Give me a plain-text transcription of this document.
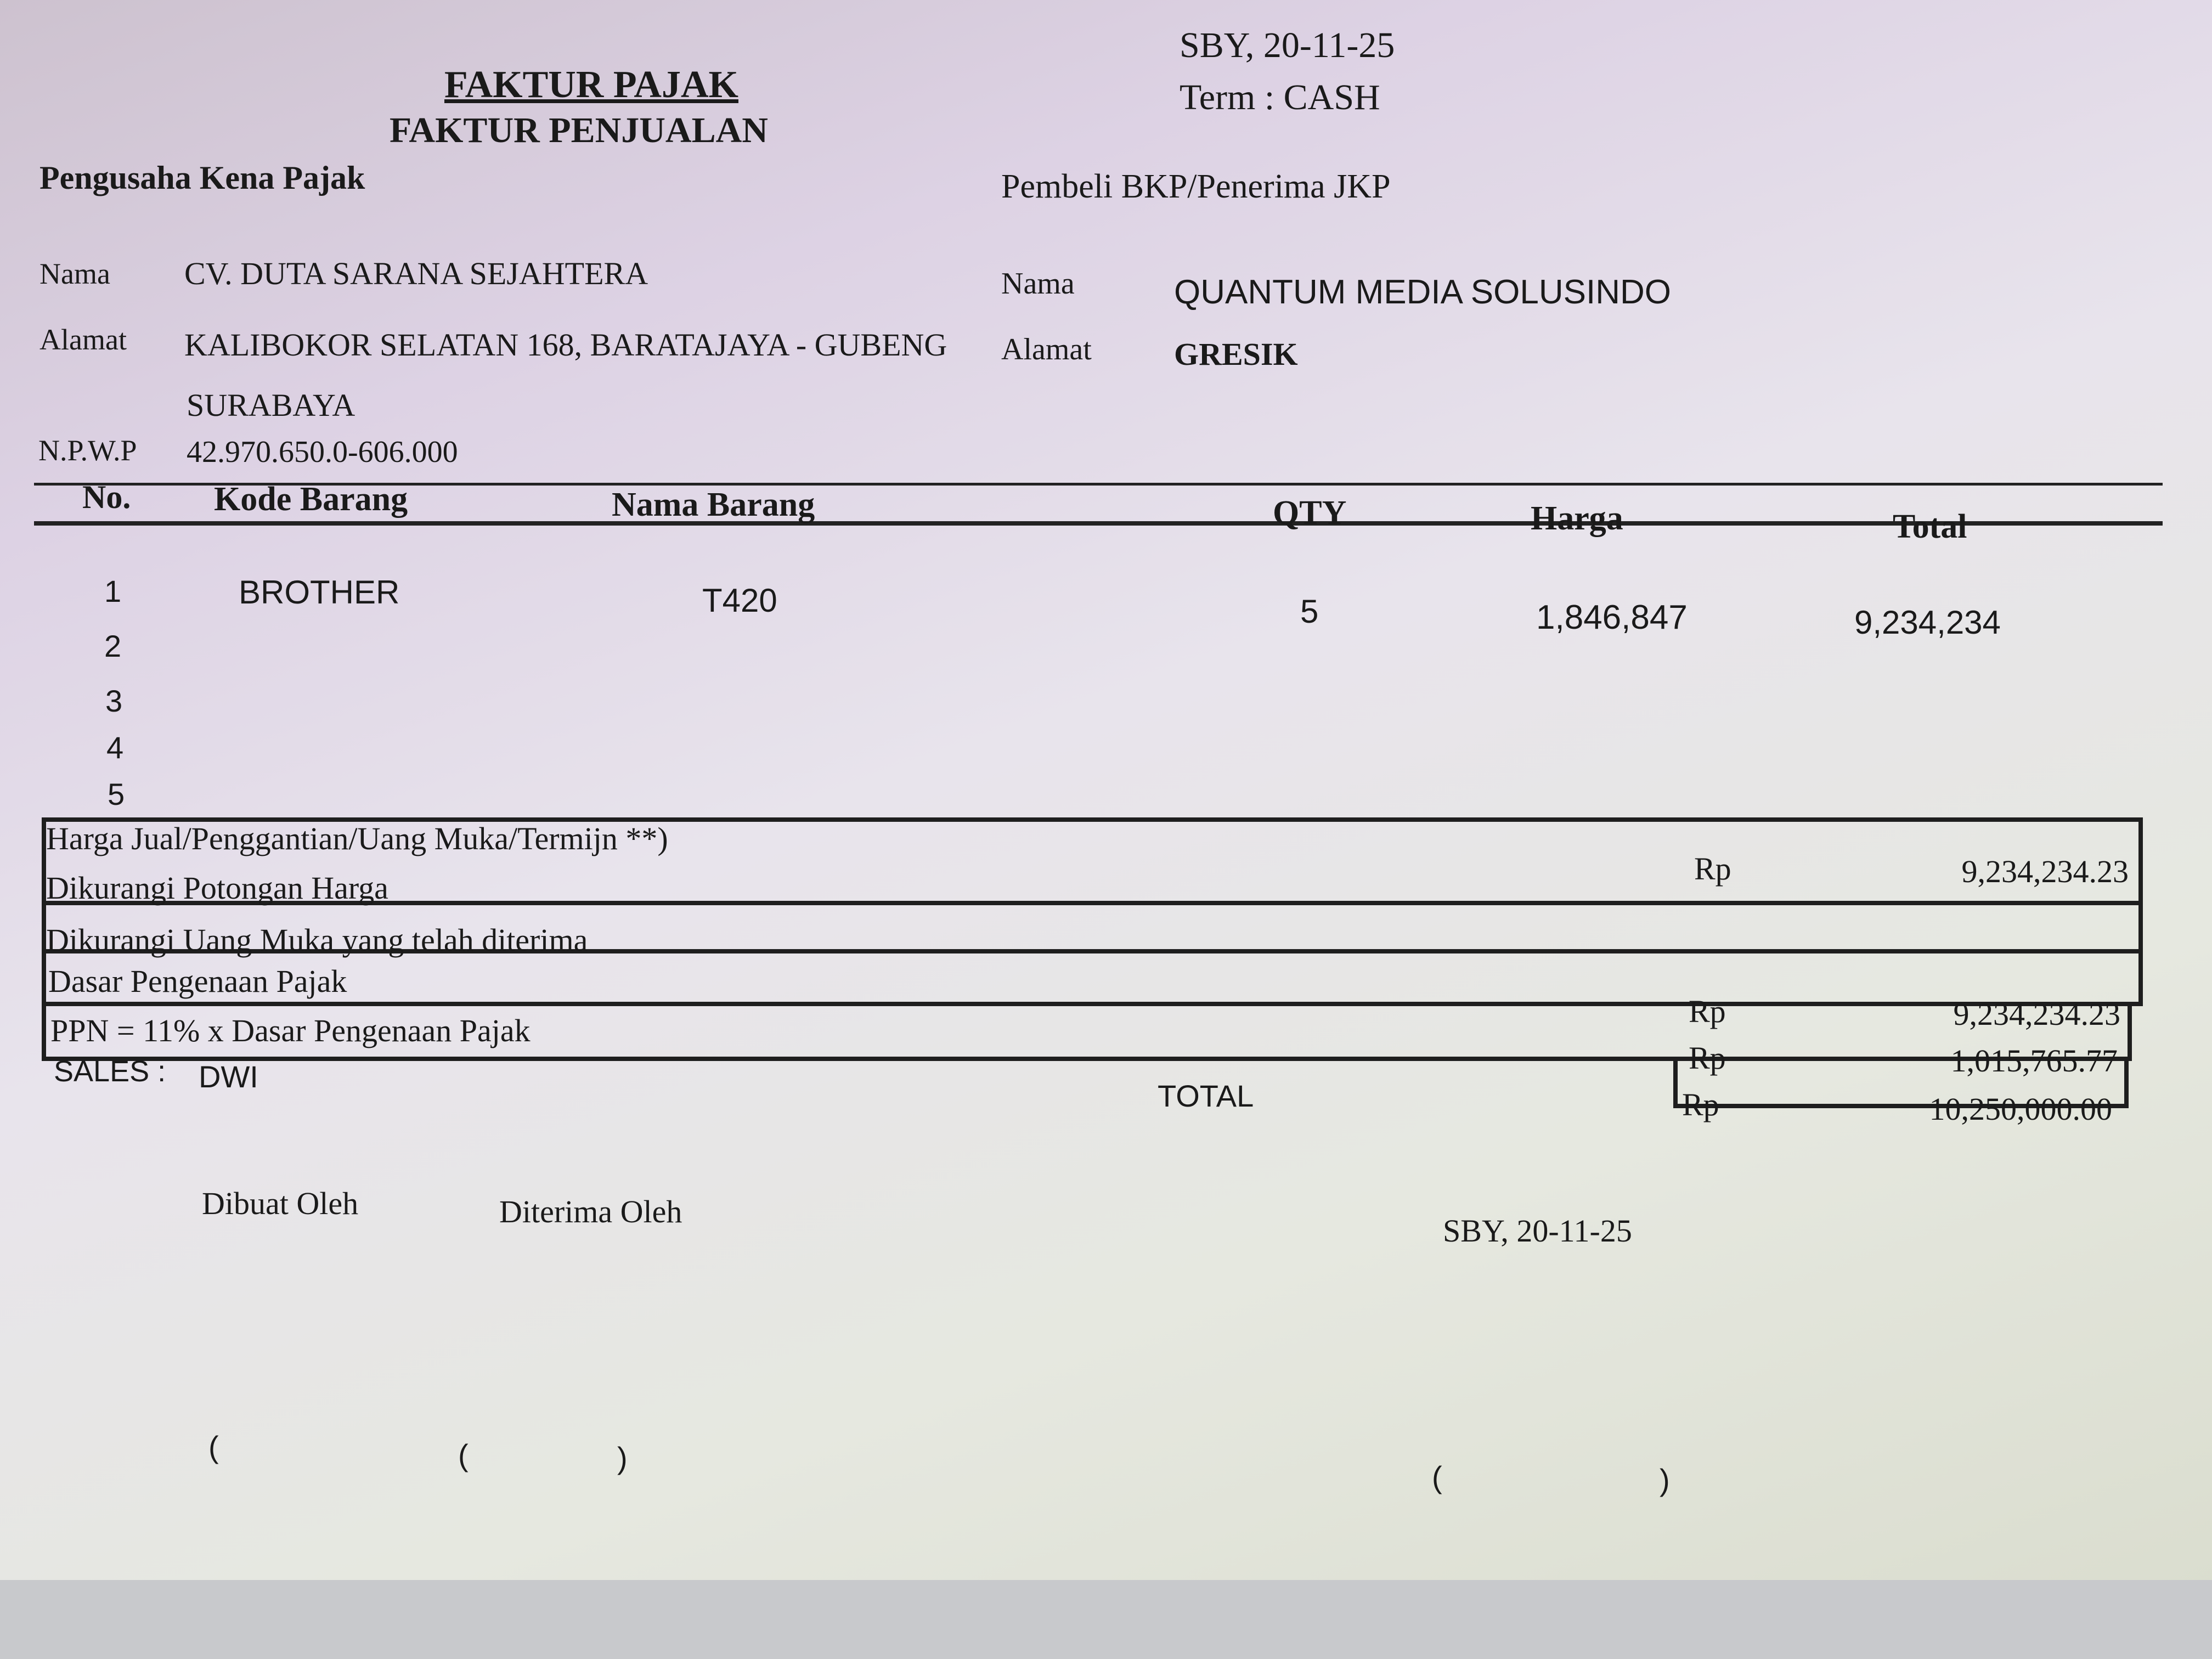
FAKTUR PAJAK
FAKTUR PENJUALAN
SBY, 20-11-25
Term : CASH
Pengusaha Kena Pajak
Nama CV. DUTA SARANA SEJAHTERA
Alamat KALIBOKOR SELATAN 168, BARATAJAYA - GUBENG
SURABAYA
N.P.W.P 42.970.650.0-606.000
Pembeli BKP/Penerima JKP
Nama	QUANTUM MEDIA SOLUSINDO
Alamat	GRESIK
No. Kode Barang	Nama Barang	QTY	Harga	Total
1	BROTHER	T420	5	1,846,847	9,234,234
2
3
4
5
Harga Jual/Penggantian/Uang Muka/Termijn **)
Rp	9,234,234.23
Dikurangi Potongan Harga
Dikurangi Uang Muka yang telah diterima
Dasar Pengenaan Pajak
Rp	9,234,234.23
PPN = 11% x Dasar Pengenaan Pajak
Rp	1,015,765.77
SALES : DWI
TOTAL	Rp	10,250,000.00
Dibuat Oleh	Diterima Oleh
SBY, 20-11-25
(	(	)
(	)
